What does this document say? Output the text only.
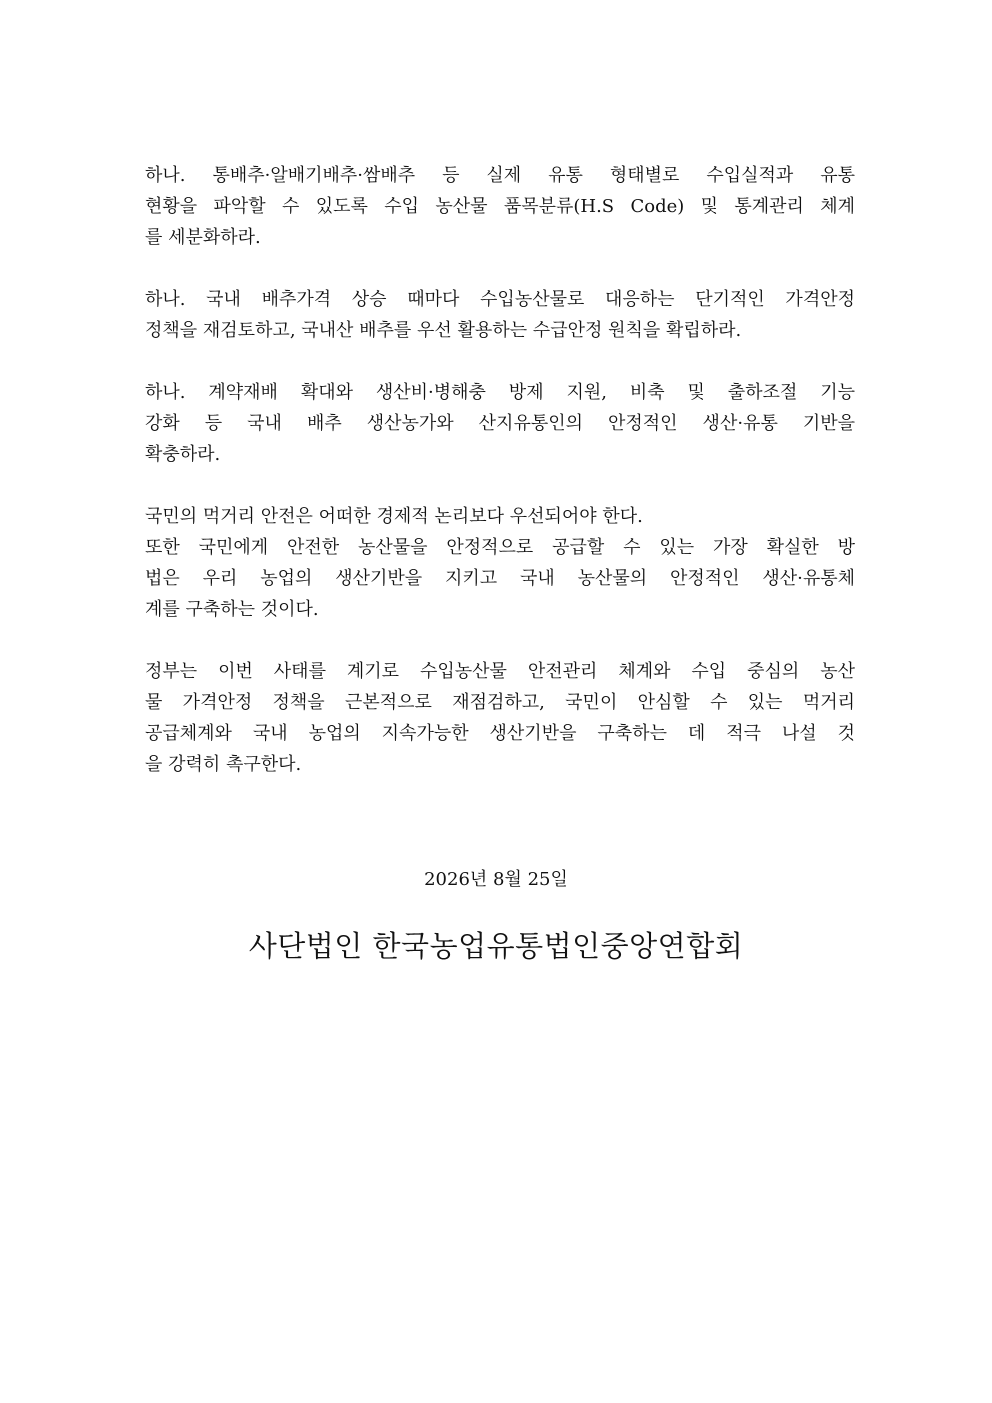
하나. 통배추·알배기배추·쌈배추 등 실제 유통 형태별로 수입실적과 유통
현황을 파악할 수 있도록 수입 농산물 품목분류(H.S Code) 및 통계관리 체계
를 세분화하라.

하나. 국내 배추가격 상승 때마다 수입농산물로 대응하는 단기적인 가격안정
정책을 재검토하고, 국내산 배추를 우선 활용하는 수급안정 원칙을 확립하라.

하나. 계약재배 확대와 생산비·병해충 방제 지원, 비축 및 출하조절 기능
강화 등 국내 배추 생산농가와 산지유통인의 안정적인 생산·유통 기반을
확충하라.

국민의 먹거리 안전은 어떠한 경제적 논리보다 우선되어야 한다.
또한 국민에게 안전한 농산물을 안정적으로 공급할 수 있는 가장 확실한 방
법은 우리 농업의 생산기반을 지키고 국내 농산물의 안정적인 생산·유통체
계를 구축하는 것이다.

정부는 이번 사태를 계기로 수입농산물 안전관리 체계와 수입 중심의 농산
물 가격안정 정책을 근본적으로 재점검하고, 국민이 안심할 수 있는 먹거리
공급체계와 국내 농업의 지속가능한 생산기반을 구축하는 데 적극 나설 것
을 강력히 촉구한다.

2026년 8월 25일
사단법인 한국농업유통법인중앙연합회
